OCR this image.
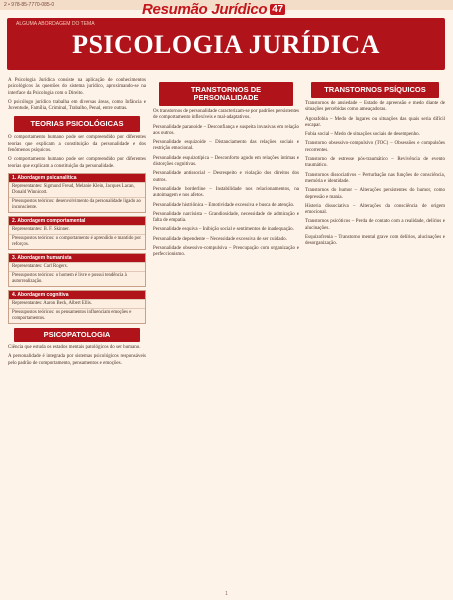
2 • 978-85-7770-085-0	Resumão Jurídico 47
ALGUMA ABORDAGEM DO TEMA
PSICOLOGIA JURÍDICA

A Psicologia Jurídica consiste na aplicação de conhecimentos psicológicos às questões do sistema jurídico, aproximando-se na interface da Psicologia com o Direito.

O psicólogo jurídico trabalha em diversas áreas, como Infância e Juventude, Família, Criminal, Trabalho, Penal, entre outras.

TEORIAS PSICOLÓGICAS

O comportamento humano pode ser compreendido por diferentes teorias que explicam a constituição da personalidade e dos fenômenos psíquicos.

O comportamento humano pode ser compreendido por diferentes teorias que explicam a constituição da personalidade.

1. Abordagem psicanalítica
Representantes: Sigmund Freud, Melanie Klein, Jacques Lacan, Donald Winnicott.
Pressupostos teóricos: desenvolvimento da personalidade ligado ao inconsciente.
2. Abordagem comportamental
Representantes: B. F. Skinner.
Pressupostos teóricos: o comportamento é aprendido e mantido por reforços.
3. Abordagem humanista
Representantes: Carl Rogers.
Pressupostos teóricos: o homem é livre e possui tendência à autorrealização.
4. Abordagem cognitiva
Representantes: Aaron Beck, Albert Ellis.
Pressupostos teóricos: os pensamentos influenciam emoções e comportamentos.
PSICOPATOLOGIA

Ciência que estuda os estados mentais patológicos do ser humano.

A personalidade é integrada por sistemas psicológicos responsáveis pelo padrão de comportamento, pensamentos e emoções.

TRANSTORNOS DE PERSONALIDADE

Os transtornos de personalidade caracterizam-se por padrões persistentes de comportamento inflexíveis e mal-adaptativos.

Personalidade paranoide – Desconfiança e suspeita invasivas em relação aos outros.

Personalidade esquizoide – Distanciamento das relações sociais e restrição emocional.

Personalidade esquizotípica – Desconforto agudo em relações íntimas e distorções cognitivas.

Personalidade antissocial – Desrespeito e violação dos direitos dos outros.

Personalidade borderline – Instabilidade nos relacionamentos, na autoimagem e nos afetos.

Personalidade histriônica – Emotividade excessiva e busca de atenção.

Personalidade narcisista – Grandiosidade, necessidade de admiração e falta de empatia.

Personalidade esquiva – Inibição social e sentimentos de inadequação.

Personalidade dependente – Necessidade excessiva de ser cuidado.

Personalidade obsessivo-compulsiva – Preocupação com organização e perfeccionismo.

TRANSTORNOS PSÍQUICOS

Transtornos de ansiedade – Estado de apreensão e medo diante de situações percebidas como ameaçadoras.

Agorafobia – Medo de lugares ou situações das quais seria difícil escapar.

Fobia social – Medo de situações sociais de desempenho.

Transtorno obsessivo-compulsivo (TOC) – Obsessões e compulsões recorrentes.

Transtorno de estresse pós-traumático – Revivência de evento traumático.

Transtornos dissociativos – Perturbação nas funções de consciência, memória e identidade.

Transtornos do humor – Alterações persistentes do humor, como depressão e mania.

Histeria dissociativa – Alterações da consciência de origem emocional.

Transtornos psicóticos – Perda de contato com a realidade, delírios e alucinações.

Esquizofrenia – Transtorno mental grave com delírios, alucinações e desorganização.

1
